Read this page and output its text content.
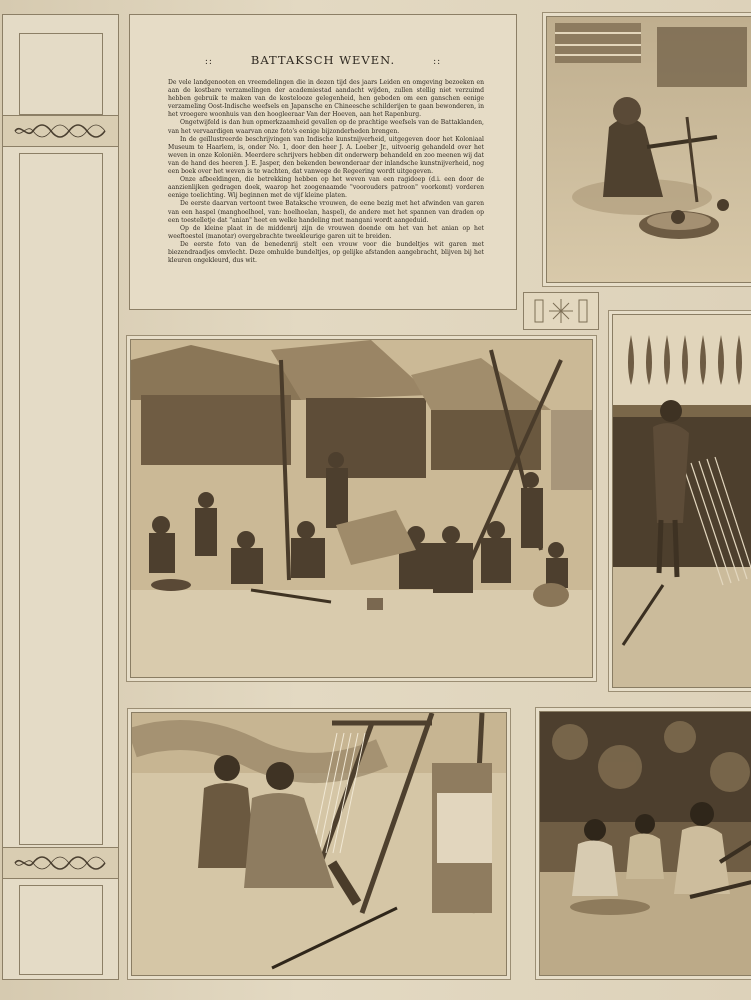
::	BATTAKSCH WEVEN.	::

De vele landgenooten en vreemdelingen die in dezen tijd des jaars Leiden en omgeving bezoeken en aan de kostbare verzamelingen der academiestad aandacht wijden, zullen stellig niet verzuimd hebben gebruik te maken van de kostelooze gelegenheid, hen geboden om een ganschen eenige verzameling Oost-Indische weefsels en Japansche en Chineesche schilderijen te gaan bewonderen, in het vroegere woonhuis van den hoogleeraar Van der Hoeven, aan het Rapenburg.

Ongetwijfeld is dan hun opmerkzaamheid gevallen op de prachtige weefsels van de Battaklanden, van het vervaardigen waarvan onze foto's eenige bijzonderheden brengen.

In de geïllustreerde beschrijvingen van Indische kunstnijverheid, uitgegeven door het Koloniaal Museum te Haarlem, is, onder No. 1, door den heer J. A. Loeber Jr., uitvoerig gehandeld over het weven in onze Koloniën. Meerdere schrijvers hebben dit onderwerp behandeld en zoo meenen wij dat van de hand des heeren J. E. Jasper, den bekenden bewonderaar der inlandsche kunstnijverheid, nog een boek over het weven is te wachten, dat vanwege de Regeering wordt uitgegeven.

Onze afbeeldingen, die betrekking hebben op het weven van een ragidoep (d.i. een door de aanzienlijken gedragen doek, waarop het zoogenaamde "voorouders patroon" voorkomt) vorderen eenige toelichting. Wij beginnen met de vijf kleine platen.

De eerste daarvan vertoont twee Bataksche vrouwen, de eene bezig met het afwinden van garen van een haspel (manghoelhoel, van: hoelhoelan, haspel), de andere met het spannen van draden op een toestelletje dat "anian" heet en welke handeling met mangani wordt aangeduid.

Op de kleine plaat in de middenrij zijn de vrouwen doende om het van het anian op het weeftoestel (manotar) overgebrachte tweekleurige garen uit te breiden.

De eerste foto van de benedenrij stelt een vrouw voor die bundeltjes wit garen met biezendraadjes omvlecht. Deze omhulde bundeltjes, op gelijke afstanden aangebracht, blijven bij het kleuren ongekleurd, dus wit.
